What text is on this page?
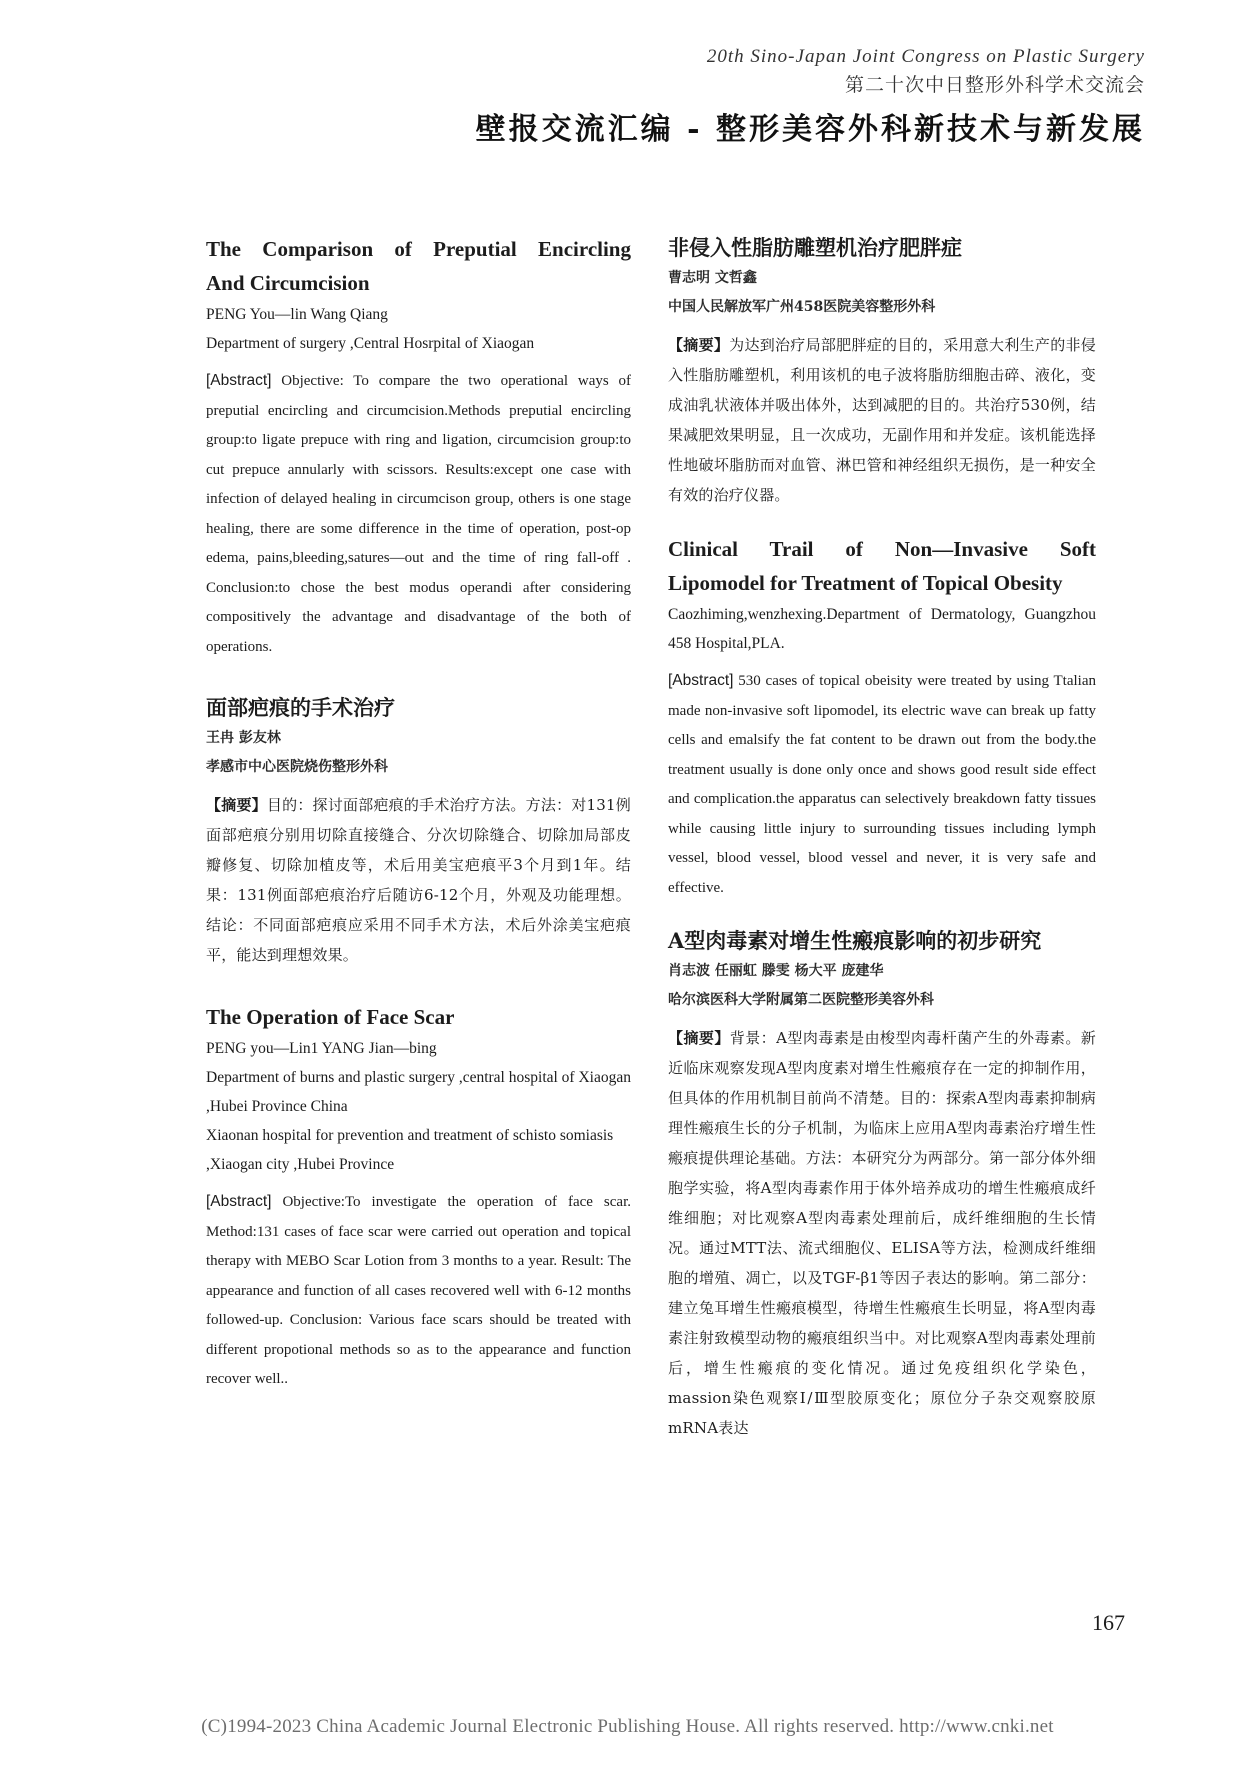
20th Sino-Japan Joint Congress on Plastic Surgery
第二十次中日整形外科学术交流会
壁报交流汇编 - 整形美容外科新技术与新发展

The Comparison of Preputial Encircling

And Circumcision

PENG You—lin Wang Qiang

Department of surgery ,Central Hosrpital of Xiaogan

[Abstract] Objective: To compare the two operational ways of preputial encircling and circumcision.Methods preputial encircling group:to ligate prepuce with ring and ligation, circumcision group:to cut prepuce annularly with scissors. Results:except one case with infection of delayed healing in circumcison group, others is one stage healing, there are some difference in the time of operation, post-op edema, pains,bleeding,satures—out and the time of ring fall-off . Conclusion:to chose the best modus operandi after considering compositively the advantage and disadvantage of the both of operations.

面部疤痕的手术治疗

王冉 彭友林

孝感市中心医院烧伤整形外科

【摘要】目的：探讨面部疤痕的手术治疗方法。方法：对131例面部疤痕分别用切除直接缝合、分次切除缝合、切除加局部皮瓣修复、切除加植皮等，术后用美宝疤痕平3个月到1年。结果：131例面部疤痕治疗后随访6-12个月，外观及功能理想。结论：不同面部疤痕应采用不同手术方法，术后外涂美宝疤痕平，能达到理想效果。

The Operation of Face Scar

PENG you—Lin1 YANG Jian—bing

Department of burns and plastic surgery ,central hospital of Xiaogan ,Hubei Province China

Xiaonan hospital for prevention and treatment of schisto somiasis ,Xiaogan city ,Hubei Province

[Abstract] Objective:To investigate the operation of face scar. Method:131 cases of face scar were carried out operation and topical therapy with MEBO Scar Lotion from 3 months to a year. Result: The appearance and function of all cases recovered well with 6-12 months followed-up. Conclusion: Various face scars should be treated with different propotional methods so as to the appearance and function recover well..

非侵入性脂肪雕塑机治疗肥胖症

曹志明 文哲鑫

中国人民解放军广州458医院美容整形外科

【摘要】为达到治疗局部肥胖症的目的，采用意大利生产的非侵入性脂肪雕塑机，利用该机的电子波将脂肪细胞击碎、液化，变成油乳状液体并吸出体外，达到减肥的目的。共治疗530例，结果减肥效果明显，且一次成功，无副作用和并发症。该机能选择性地破坏脂肪而对血管、淋巴管和神经组织无损伤，是一种安全有效的治疗仪器。

Clinical Trail of Non—Invasive Soft

Lipomodel for Treatment of Topical Obesity

Caozhiming,wenzhexing.Department of Dermatology, Guangzhou 458 Hospital,PLA.

[Abstract] 530 cases of topical obeisity were treated by using Ttalian made non-invasive soft lipomodel, its electric wave can break up fatty cells and emalsify the fat content to be drawn out from the body.the treatment usually is done only once and shows good result side effect and complication.the apparatus can selectively breakdown fatty tissues while causing little injury to surrounding tissues including lymph vessel, blood vessel, blood vessel and never, it is very safe and effective.

A型肉毒素对增生性瘢痕影响的初步研究

肖志波 任丽虹 滕雯 杨大平 庞建华

哈尔滨医科大学附属第二医院整形美容外科

【摘要】背景：A型肉毒素是由梭型肉毒杆菌产生的外毒素。新近临床观察发现A型肉度素对增生性瘢痕存在一定的抑制作用，但具体的作用机制目前尚不清楚。目的：探索A型肉毒素抑制病理性瘢痕生长的分子机制，为临床上应用A型肉毒素治疗增生性瘢痕提供理论基础。方法：本研究分为两部分。第一部分体外细胞学实验，将A型肉毒素作用于体外培养成功的增生性瘢痕成纤维细胞；对比观察A型肉毒素处理前后，成纤维细胞的生长情况。通过MTT法、流式细胞仪、ELISA等方法，检测成纤维细胞的增殖、凋亡，以及TGF-β1等因子表达的影响。第二部分：建立兔耳增生性瘢痕模型，待增生性瘢痕生长明显，将A型肉毒素注射致模型动物的瘢痕组织当中。对比观察A型肉毒素处理前后，增生性瘢痕的变化情况。通过免疫组织化学染色，massion染色观察Ⅰ/Ⅲ型胶原变化；原位分子杂交观察胶原mRNA表达

167
(C)1994-2023 China Academic Journal Electronic Publishing House. All rights reserved. http://www.cnki.net
